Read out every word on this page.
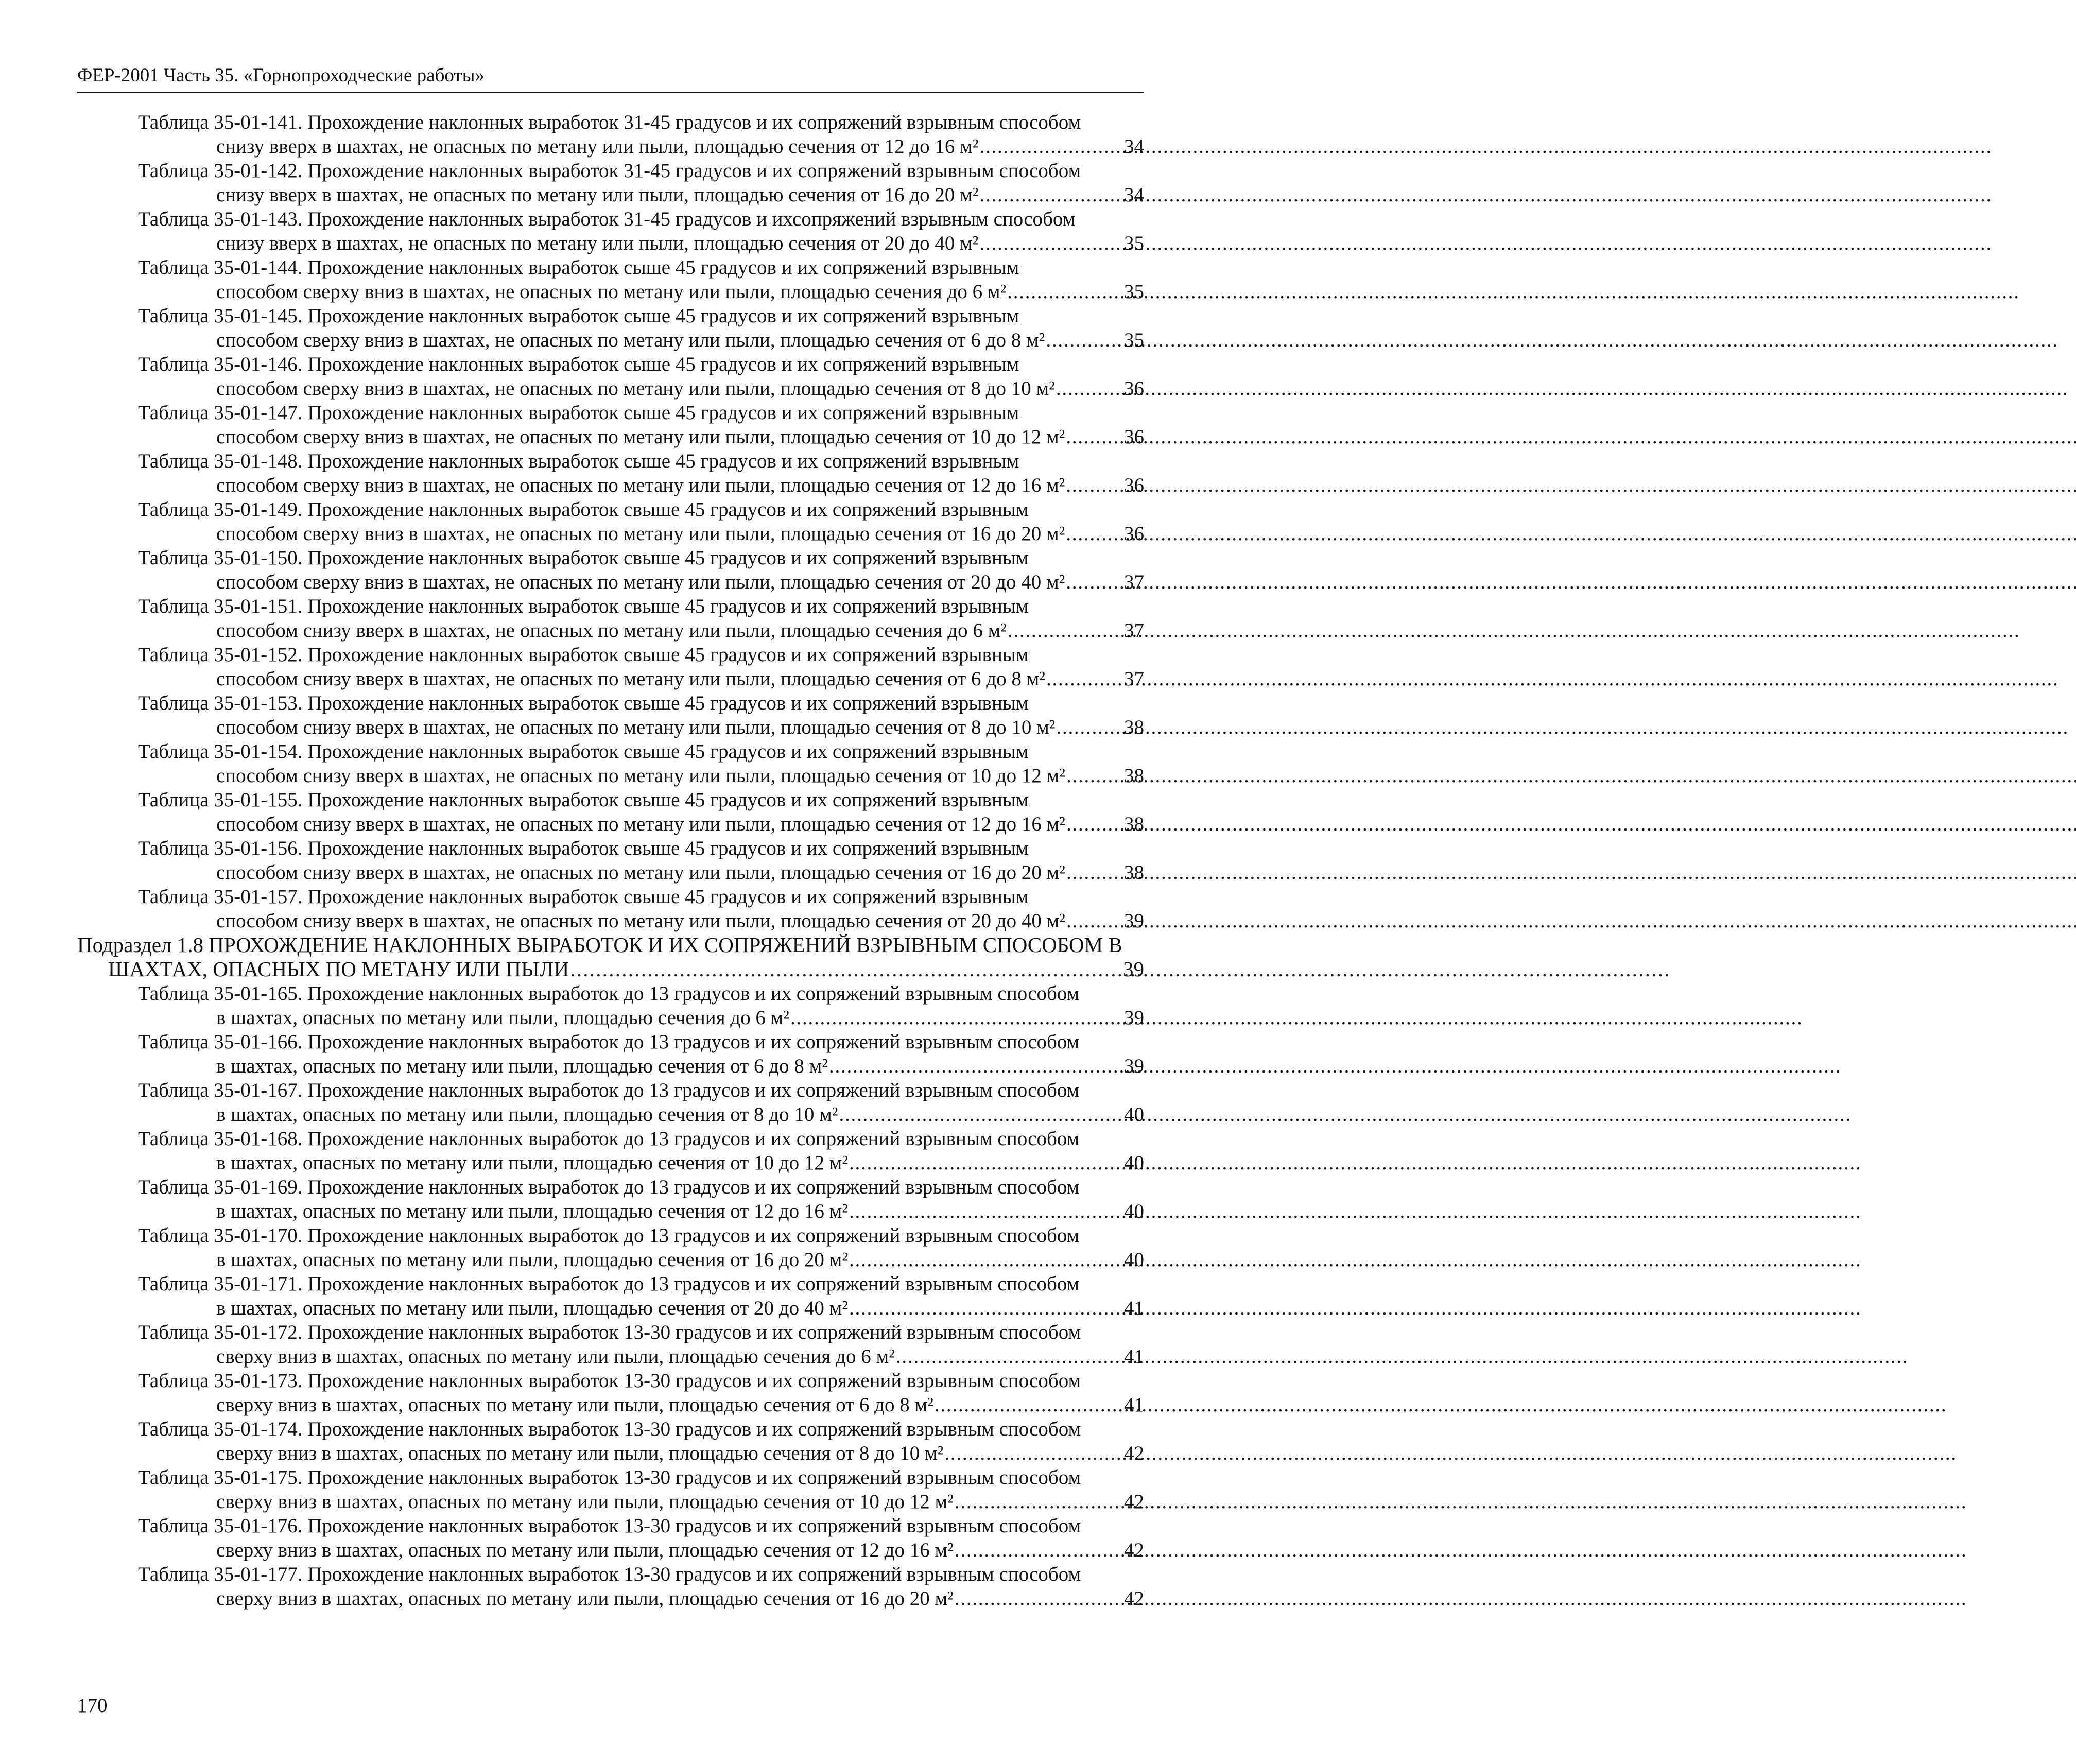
ФЕР-2001 Часть 35. «Горнопроходческие работы»
Таблица 35-01-141. Прохождение наклонных выработок 31-45 градусов и их сопряжений взрывным способом
снизу вверх в шахтах, не опасных по метану или пыли, площадью сечения от 12 до 16 м² . . .	34
Таблица 35-01-142. Прохождение наклонных выработок 31-45 градусов и их сопряжений взрывным способом
снизу вверх в шахтах, не опасных по метану или пыли, площадью сечения от 16 до 20 м² . . .	34
Таблица 35-01-143. Прохождение наклонных выработок 31-45 градусов и ихсопряжений взрывным способом
снизу вверх в шахтах, не опасных по метану или пыли, площадью сечения от 20 до 40 м² . . .	35
Таблица 35-01-144. Прохождение наклонных выработок сыше 45 градусов и их сопряжений взрывным
способом сверху вниз в шахтах, не опасных по метану или пыли, площадью сечения до 6 м² . . .	35
Таблица 35-01-145. Прохождение наклонных выработок сыше 45 градусов и их сопряжений взрывным
способом сверху вниз в шахтах, не опасных по метану или пыли, площадью сечения от 6 до 8 м² . . .	35
Таблица 35-01-146. Прохождение наклонных выработок сыше 45 градусов и их сопряжений взрывным
способом сверху вниз в шахтах, не опасных по метану или пыли, площадью сечения от 8 до 10 м² . . .	36
Таблица 35-01-147. Прохождение наклонных выработок сыше 45 градусов и их сопряжений взрывным
способом сверху вниз в шахтах, не опасных по метану или пыли, площадью сечения от 10 до 12 м² . . .	36
Таблица 35-01-148. Прохождение наклонных выработок сыше 45 градусов и их сопряжений взрывным
способом сверху вниз в шахтах, не опасных по метану или пыли, площадью сечения от 12 до 16 м² . . .	36
Таблица 35-01-149. Прохождение наклонных выработок свыше 45 градусов и их сопряжений взрывным
способом сверху вниз в шахтах, не опасных по метану или пыли, площадью сечения от 16 до 20 м² . . .	36
Таблица 35-01-150. Прохождение наклонных выработок свыше 45 градусов и их сопряжений взрывным
способом сверху вниз в шахтах, не опасных по метану или пыли, площадью сечения от 20 до 40 м² . . .	37
Таблица 35-01-151. Прохождение наклонных выработок свыше 45 градусов и их сопряжений взрывным
способом снизу вверх в шахтах, не опасных по метану или пыли, площадью сечения до 6 м² . . .	37
Таблица 35-01-152. Прохождение наклонных выработок свыше 45 градусов и их сопряжений взрывным
способом снизу вверх в шахтах, не опасных по метану или пыли, площадью сечения от 6 до 8 м² . . .	37
Таблица 35-01-153. Прохождение наклонных выработок свыше 45 градусов и их сопряжений взрывным
способом снизу вверх в шахтах, не опасных по метану или пыли, площадью сечения от 8 до 10 м² . . .	38
Таблица 35-01-154. Прохождение наклонных выработок свыше 45 градусов и их сопряжений взрывным
способом снизу вверх в шахтах, не опасных по метану или пыли, площадью сечения от 10 до 12 м² . . .	38
Таблица 35-01-155. Прохождение наклонных выработок свыше 45 градусов и их сопряжений взрывным
способом снизу вверх в шахтах, не опасных по метану или пыли, площадью сечения от 12 до 16 м² . . .	38
Таблица 35-01-156. Прохождение наклонных выработок свыше 45 градусов и их сопряжений взрывным
способом снизу вверх в шахтах, не опасных по метану или пыли, площадью сечения от 16 до 20 м² . . .	38
Таблица 35-01-157. Прохождение наклонных выработок свыше 45 градусов и их сопряжений взрывным
способом снизу вверх в шахтах, не опасных по метану или пыли, площадью сечения от 20 до 40 м² . . .	39
Подраздел 1.8 ПРОХОЖДЕНИЕ НАКЛОННЫХ ВЫРАБОТОК И ИХ СОПРЯЖЕНИЙ ВЗРЫВНЫМ СПОСОБОМ В
ШАХТАХ, ОПАСНЫХ ПО МЕТАНУ ИЛИ ПЫЛИ . . .	39
Таблица 35-01-165. Прохождение наклонных выработок до 13 градусов и их сопряжений взрывным способом
в шахтах, опасных по метану или пыли, площадью сечения до 6 м² . . .	39
Таблица 35-01-166. Прохождение наклонных выработок до 13 градусов и их сопряжений взрывным способом
в шахтах, опасных по метану или пыли, площадью сечения от 6 до 8 м² . . .	39
Таблица 35-01-167. Прохождение наклонных выработок до 13 градусов и их сопряжений взрывным способом
в шахтах, опасных по метану или пыли, площадью сечения от 8 до 10 м² . . .	40
Таблица 35-01-168. Прохождение наклонных выработок до 13 градусов и их сопряжений взрывным способом
в шахтах, опасных по метану или пыли, площадью сечения от 10 до 12 м² . . .	40
Таблица 35-01-169. Прохождение наклонных выработок до 13 градусов и их сопряжений взрывным способом
в шахтах, опасных по метану или пыли, площадью сечения от 12 до 16 м² . . .	40
Таблица 35-01-170. Прохождение наклонных выработок до 13 градусов и их сопряжений взрывным способом
в шахтах, опасных по метану или пыли, площадью сечения от 16 до 20 м² . . .	40
Таблица 35-01-171. Прохождение наклонных выработок до 13 градусов и их сопряжений взрывным способом
в шахтах, опасных по метану или пыли, площадью сечения от 20 до 40 м² . . .	41
Таблица 35-01-172. Прохождение наклонных выработок 13-30 градусов и их сопряжений взрывным способом
сверху вниз в шахтах, опасных по метану или пыли, площадью сечения до 6 м² . . .	41
Таблица 35-01-173. Прохождение наклонных выработок 13-30 градусов и их сопряжений взрывным способом
сверху вниз в шахтах, опасных по метану или пыли, площадью сечения от 6 до 8 м² . . .	41
Таблица 35-01-174. Прохождение наклонных выработок 13-30 градусов и их сопряжений взрывным способом
сверху вниз в шахтах, опасных по метану или пыли, площадью сечения от 8 до 10 м² . . .	42
Таблица 35-01-175. Прохождение наклонных выработок 13-30 градусов и их сопряжений взрывным способом
сверху вниз в шахтах, опасных по метану или пыли, площадью сечения от 10 до 12 м² . . .	42
Таблица 35-01-176. Прохождение наклонных выработок 13-30 градусов и их сопряжений взрывным способом
сверху вниз в шахтах, опасных по метану или пыли, площадью сечения от 12 до 16 м² . . .	42
Таблица 35-01-177. Прохождение наклонных выработок 13-30 градусов и их сопряжений взрывным способом
сверху вниз в шахтах, опасных по метану или пыли, площадью сечения от 16 до 20 м² . . .	42
170
